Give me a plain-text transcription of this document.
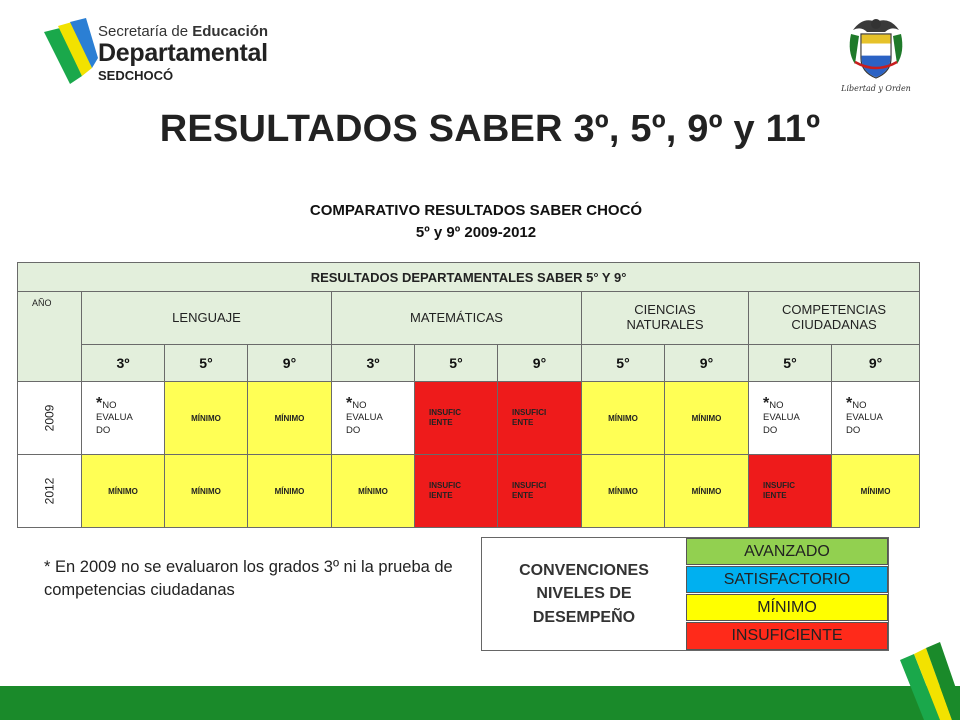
Secretaría de Educación
Departamental
SEDCHOCÓ
Libertad y Orden
RESULTADOS SABER 3º, 5º, 9º y 11º
COMPARATIVO RESULTADOS SABER CHOCÓ
5º y 9º 2009-2012
RESULTADOS DEPARTAMENTALES SABER 5° Y 9°										
AÑO	LENGUAJE			MATEMÁTICAS			CIENCIAS
NATURALES		COMPETENCIAS
CIUDADANAS	
	3º	5°	9°	3º	5°	9°	5°	9°	5°	9°
2009	*NO
EVALUA
DO	MÍNIMO	MÍNIMO	*NO
EVALUA
DO	INSUFIC
IENTE	INSUFICI
ENTE	MÍNIMO	MÍNIMO	*NO
EVALUA
DO	*NO
EVALUA
DO
2012	MÍNIMO	MÍNIMO	MÍNIMO	MÍNIMO	INSUFIC
IENTE	INSUFICI
ENTE	MÍNIMO	MÍNIMO	INSUFIC
IENTE	MÍNIMO
* En 2009 no se evaluaron los grados 3º ni la prueba de competencias ciudadanas
CONVENCIONES
NIVELES DE
DESEMPEÑO
AVANZADO
SATISFACTORIO
MÍNIMO
INSUFICIENTE
